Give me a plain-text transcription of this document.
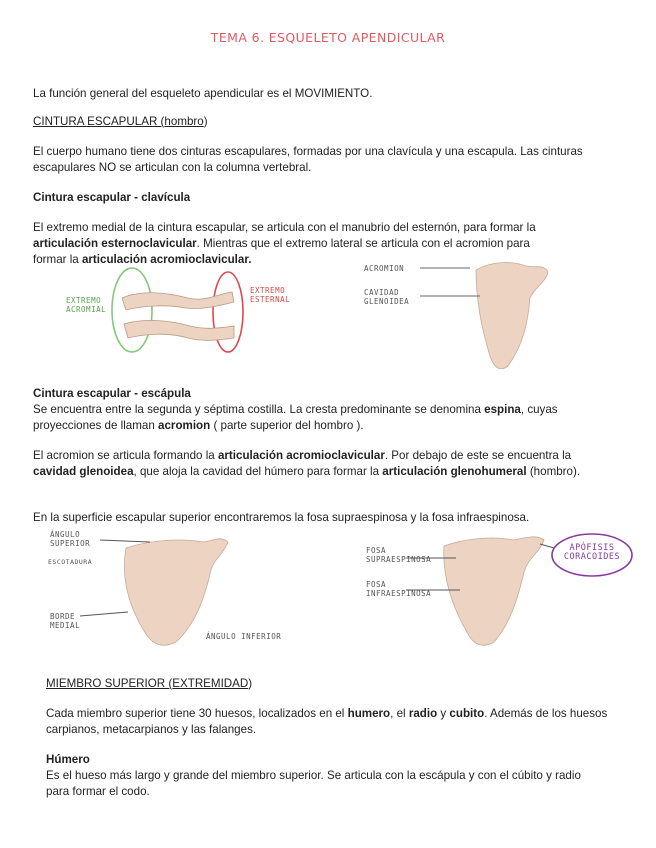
TEMA 6. ESQUELETO APENDICULAR

La función general del esqueleto apendicular es el MOVIMIENTO.

CINTURA ESCAPULAR (hombro)

El cuerpo humano tiene dos cinturas escapulares, formadas por una clavícula y una escapula. Las cinturas escapulares NO se articulan con la columna vertebral.

Cintura escapular - clavícula

El extremo medial de la cintura escapular, se articula con el manubrio del esternón, para formar la articulación esternoclavicular. Mientras que el extremo lateral se articula con el acromion para formar la articulación acromioclavicular.

EXTREMO ACROMIAL
EXTREMO ESTERNAL
ACROMION
CAVIDAD GLENOIDEA

Cintura escapular - escápula

Se encuentra entre la segunda y séptima costilla. La cresta predominante se denomina espina, cuyas proyecciones de llaman acromion ( parte superior del hombro ).

El acromion se articula formando la articulación acromioclavicular. Por debajo de este se encuentra la cavidad glenoidea, que aloja la cavidad del húmero para formar la articulación glenohumeral (hombro).

En la superficie escapular superior encontraremos la fosa supraespinosa y la fosa infraespinosa.

ÁNGULO SUPERIOR
ESCOTADURA
BORDE MEDIAL
ÁNGULO INFERIOR
FOSA SUPRAESPINOSA
FOSA INFRAESPINOSA
APÓFISIS CORACOIDES

MIEMBRO SUPERIOR (EXTREMIDAD)

Cada miembro superior tiene 30 huesos, localizados en el humero, el radio y cubito. Además de los huesos carpianos, metacarpianos y las falanges.

Húmero

Es el hueso más largo y grande del miembro superior. Se articula con la escápula y con el cúbito y radio para formar el codo.
